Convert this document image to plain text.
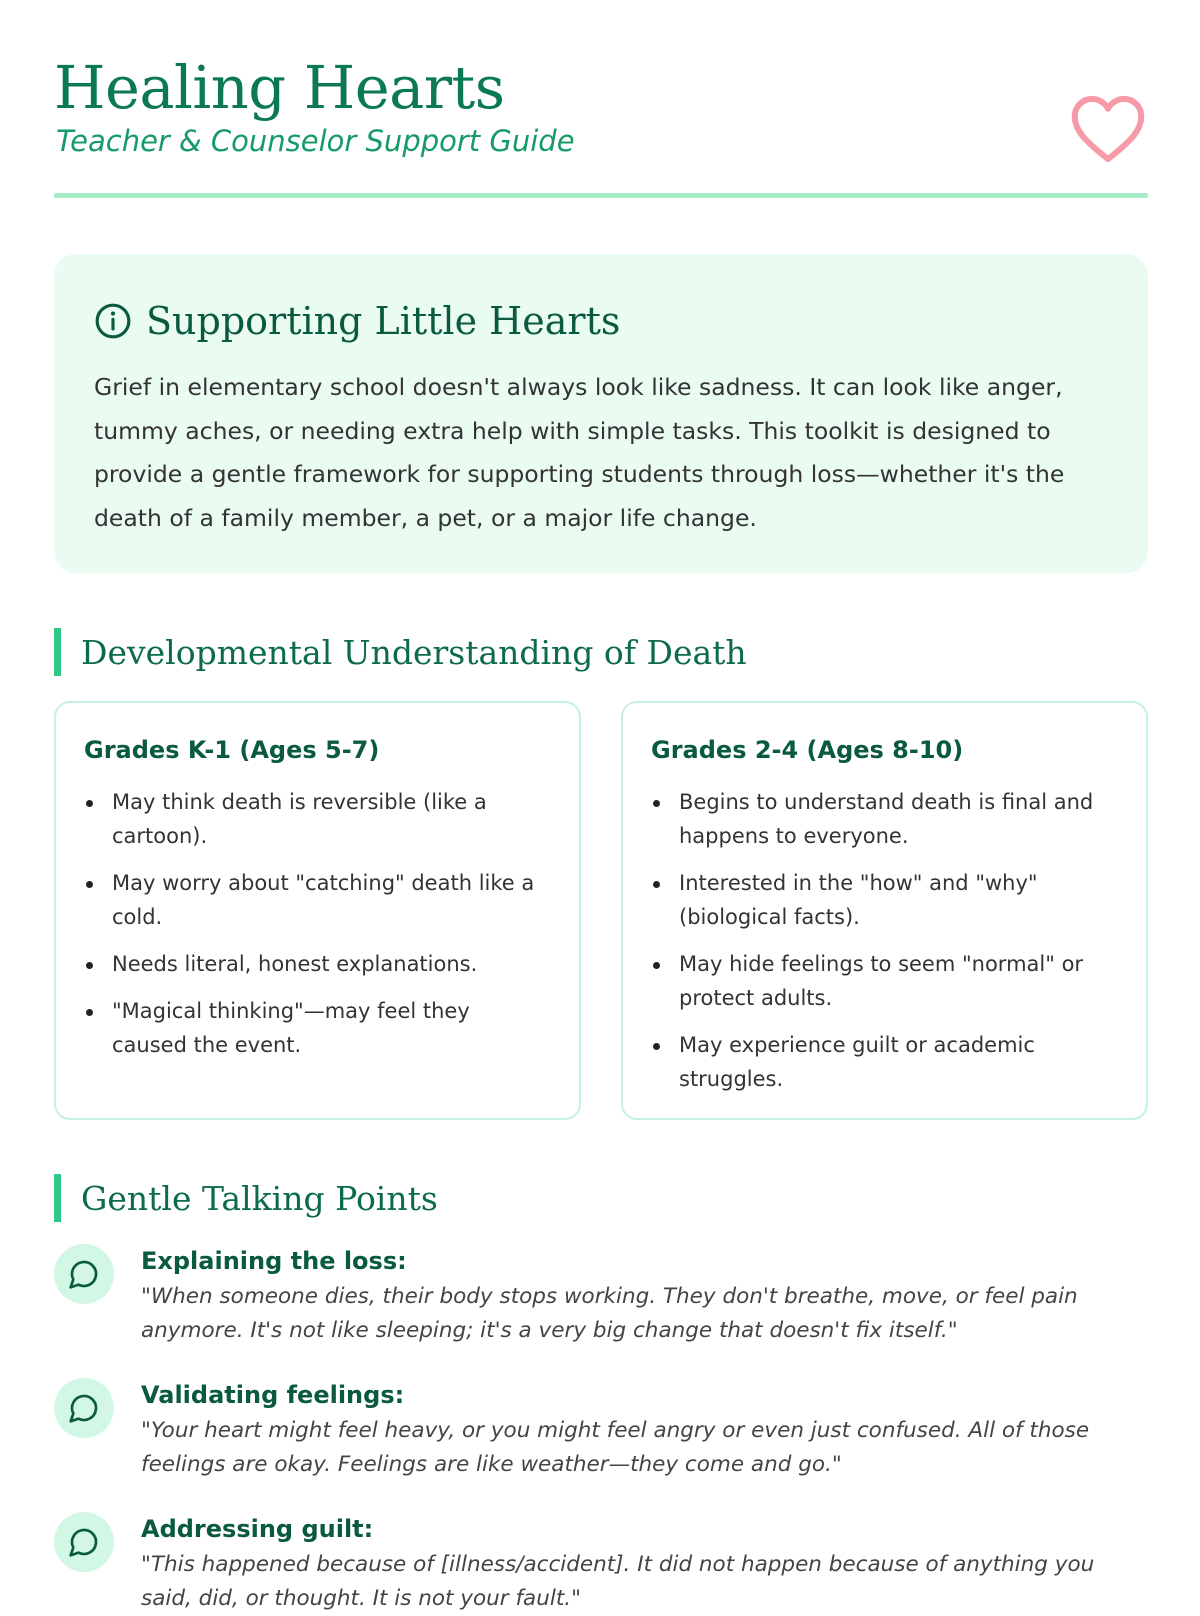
Healing Hearts

Teacher & Counselor Support Guide

Supporting Little Hearts

Grief in elementary school doesn't always look like sadness. It can look like anger, tummy aches, or needing extra help with simple tasks. This toolkit is designed to provide a gentle framework for supporting students through loss—whether it's the death of a family member, a pet, or a major life change.

Developmental Understanding of Death
Grades K-1 (Ages 5-7)
May think death is reversible (like a cartoon).
May worry about "catching" death like a cold.
Needs literal, honest explanations.
"Magical thinking"—may feel they caused the event.
Grades 2-4 (Ages 8-10)
Begins to understand death is final and happens to everyone.
Interested in the "how" and "why" (biological facts).
May hide feelings to seem "normal" or protect adults.
May experience guilt or academic struggles.
Gentle Talking Points

Explaining the loss:

"When someone dies, their body stops working. They don't breathe, move, or feel pain anymore. It's not like sleeping; it's a very big change that doesn't fix itself."

Validating feelings:

"Your heart might feel heavy, or you might feel angry or even just confused. All of those feelings are okay. Feelings are like weather—they come and go."

Addressing guilt:

"This happened because of [illness/accident]. It did not happen because of anything you said, did, or thought. It is not your fault."
